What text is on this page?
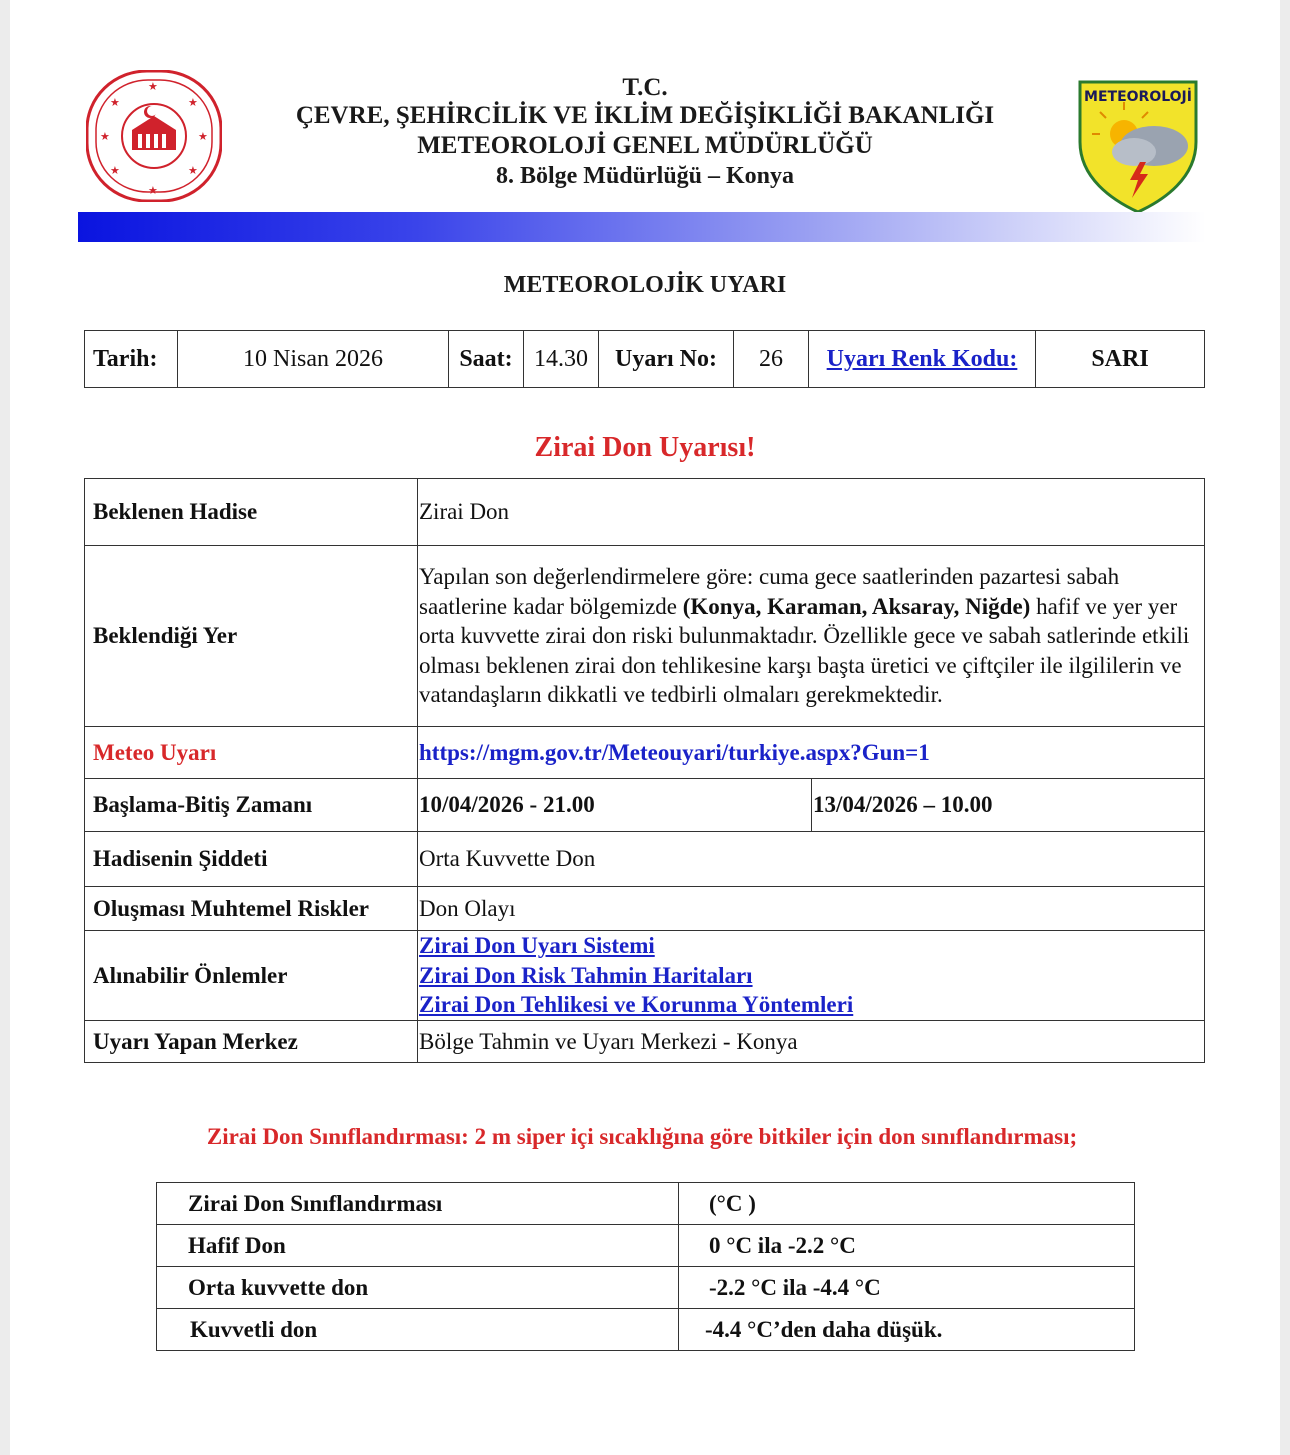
★	★
★	★
★	★
★
★
METEOROLOJİ
T.C.
ÇEVRE, ŞEHİRCİLİK VE İKLİM DEĞİŞİKLİĞİ BAKANLIĞI
METEOROLOJİ GENEL MÜDÜRLÜĞÜ
8. Bölge Müdürlüğü – Konya
METEOROLOJİK UYARI
Tarih:	10 Nisan 2026	Saat:	14.30	Uyarı No:	26	Uyarı Renk Kodu:	SARI
Zirai Don Uyarısı!
Beklenen Hadise	Zirai Don	
Beklendiği Yer	Yapılan son değerlendirmelere göre: cuma gece saatlerinden pazartesi sabah saatlerine kadar bölgemizde (Konya, Karaman, Aksaray, Niğde) hafif ve yer yer orta kuvvette zirai don riski bulunmaktadır. Özellikle gece ve sabah satlerinde etkili olması beklenen zirai don tehlikesine karşı başta üretici ve çiftçiler ile ilgililerin ve vatandaşların dikkatli ve tedbirli olmaları gerekmektedir.	
Meteo Uyarı	https://mgm.gov.tr/Meteouyari/turkiye.aspx?Gun=1	
Başlama-Bitiş Zamanı	10/04/2026 - 21.00	13/04/2026 – 10.00
Hadisenin Şiddeti	Orta Kuvvette Don	
Oluşması Muhtemel Riskler	Don Olayı	
Alınabilir Önlemler	Zirai Don Uyarı Sistemi
Zirai Don Risk Tahmin Haritaları
Zirai Don Tehlikesi ve Korunma Yöntemleri	

Uyarı Yapan Merkez	Bölge Tahmin ve Uyarı Merkezi - Konya	
Zirai Don Sınıflandırması: 2 m siper içi sıcaklığına göre bitkiler için don sınıflandırması;
Zirai Don Sınıflandırması	(°C )
Hafif Don	0 °C ila -2.2 °C
Orta kuvvette don	-2.2 °C ila -4.4 °C
Kuvvetli don	-4.4 °C’den daha düşük.
